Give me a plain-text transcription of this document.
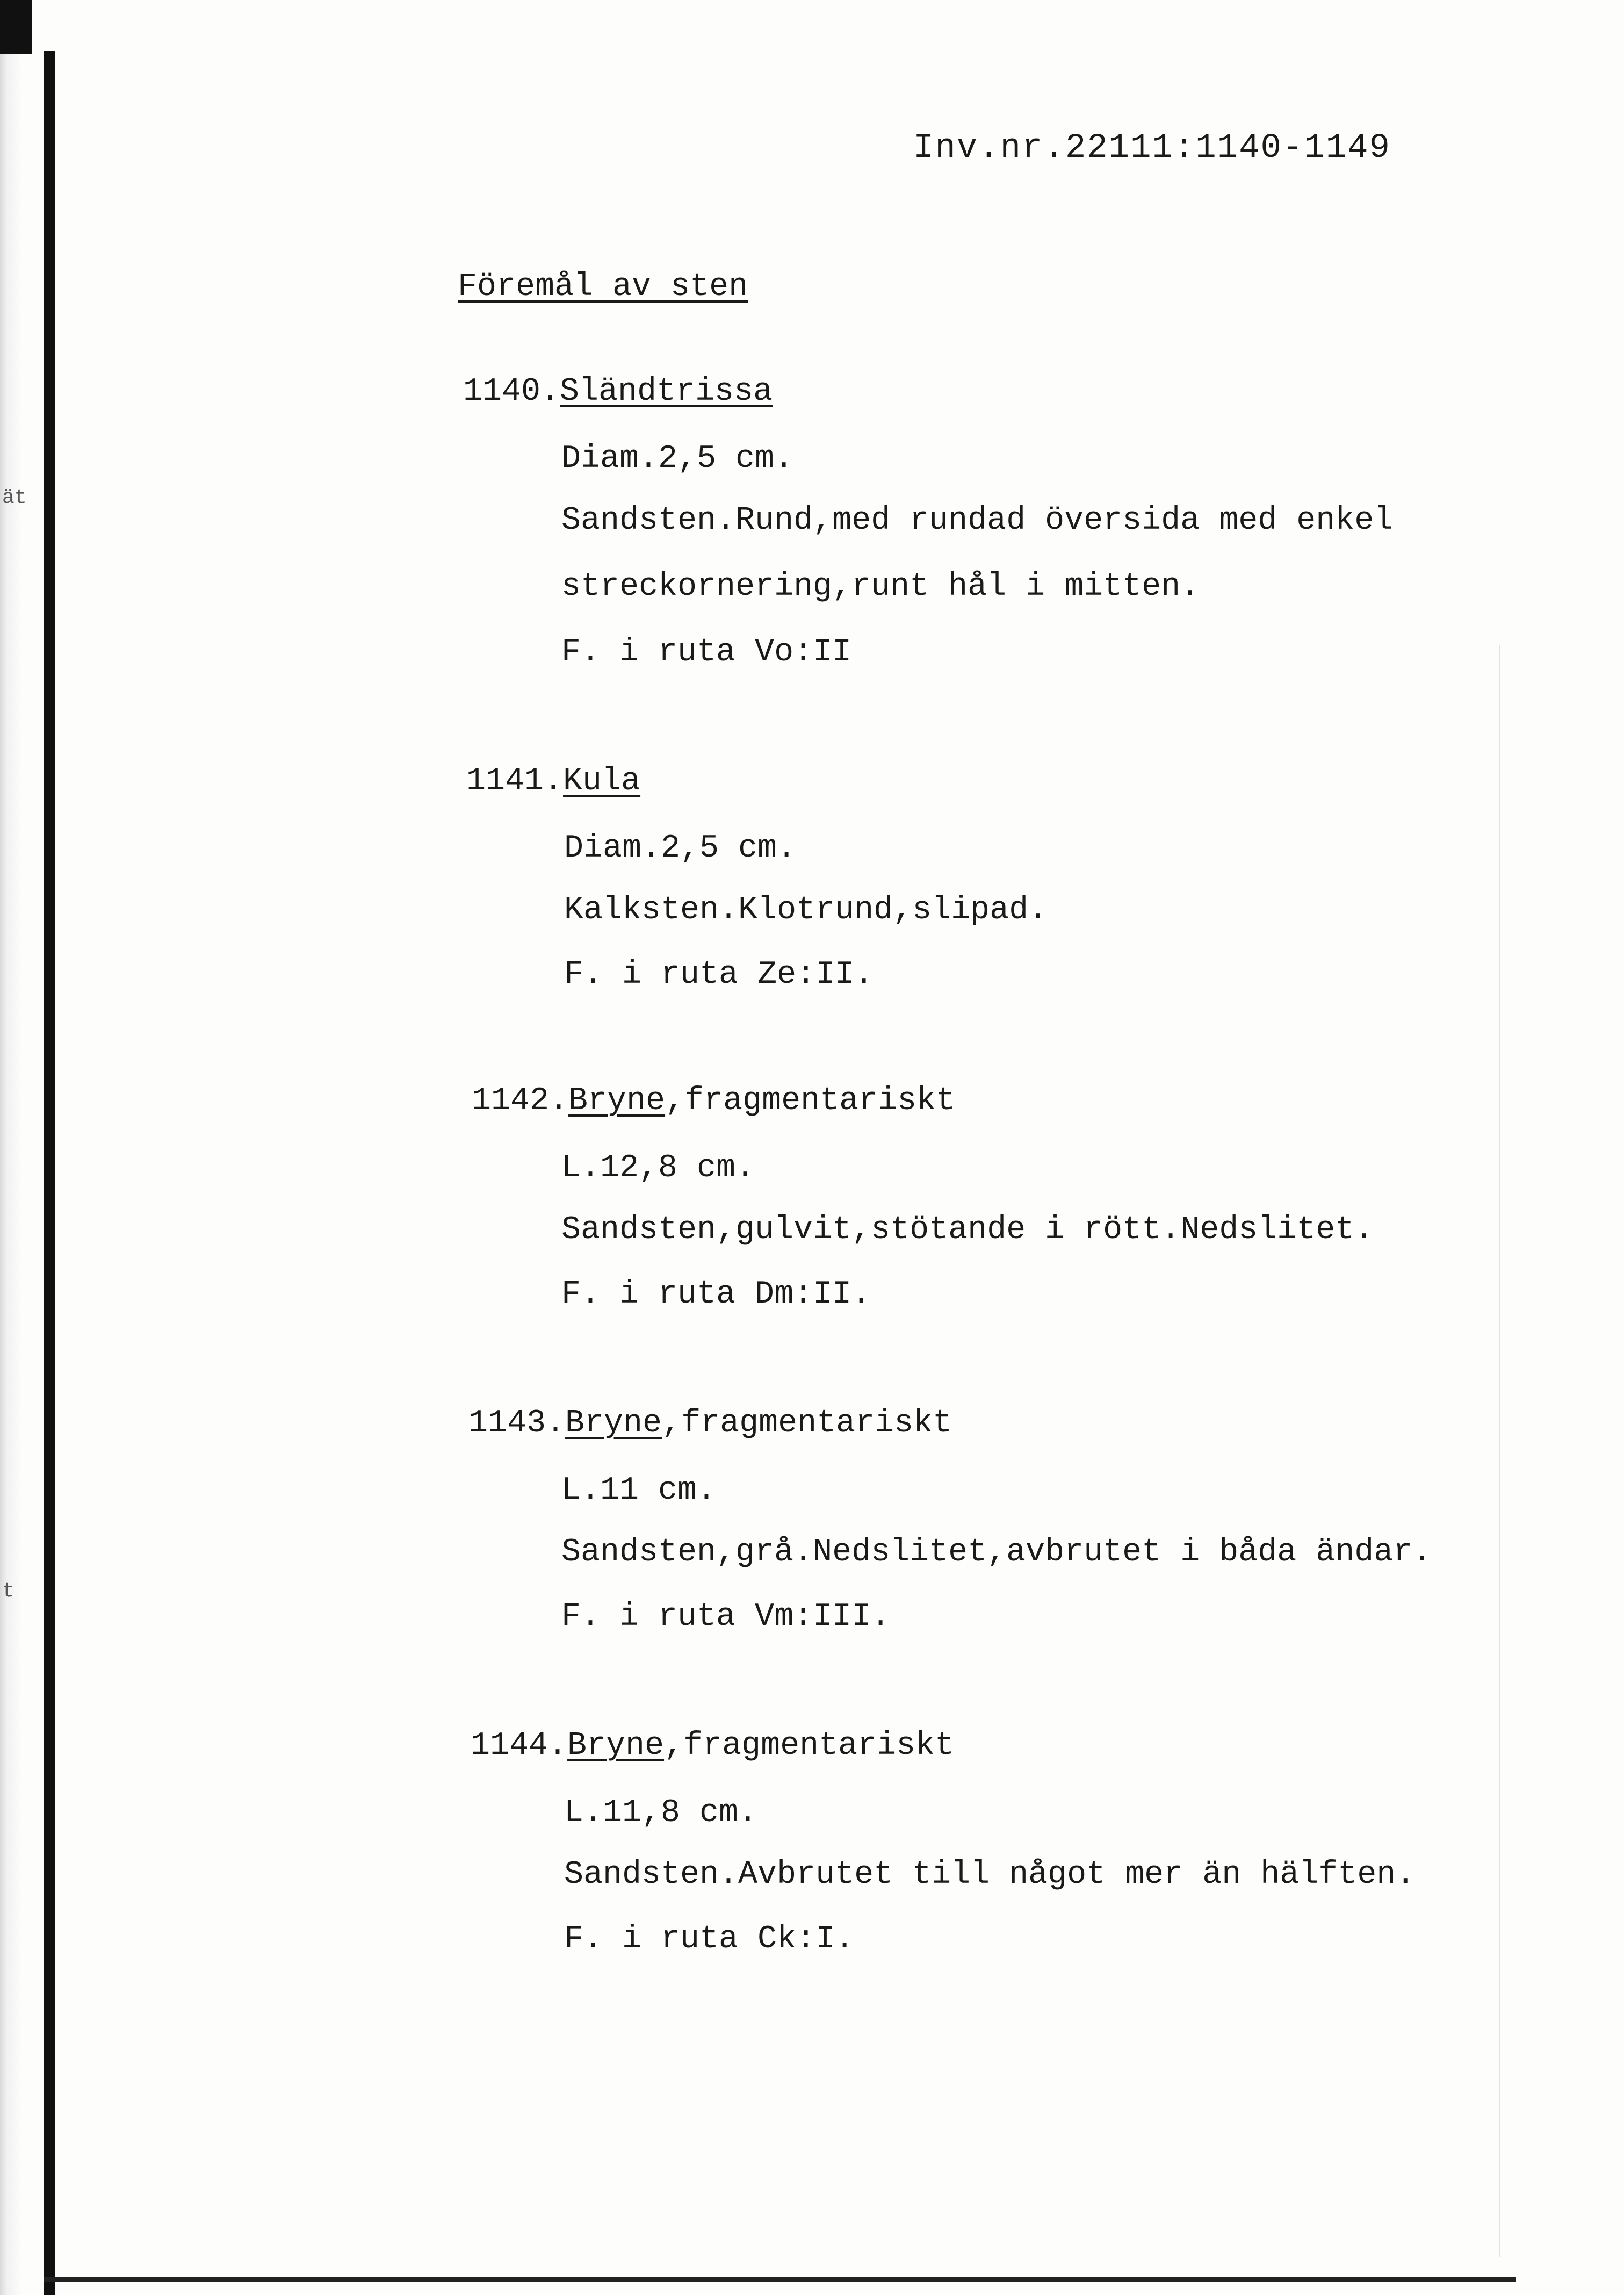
ät
t
Inv.nr.22111:1140-1149
Föremål av sten
1140.Sländtrissa
Diam.2,5 cm.
Sandsten.Rund,med rundad översida med enkel
streckornering,runt hål i mitten.
F. i ruta Vo:II
1141.Kula
Diam.2,5 cm.
Kalksten.Klotrund,slipad.
F. i ruta Ze:II.
1142.Bryne,fragmentariskt
L.12,8 cm.
Sandsten,gulvit,stötande i rött.Nedslitet.
F. i ruta Dm:II.
1143.Bryne,fragmentariskt
L.11 cm.
Sandsten,grå.Nedslitet,avbrutet i båda ändar.
F. i ruta Vm:III.
1144.Bryne,fragmentariskt
L.11,8 cm.
Sandsten.Avbrutet till något mer än hälften.
F. i ruta Ck:I.
